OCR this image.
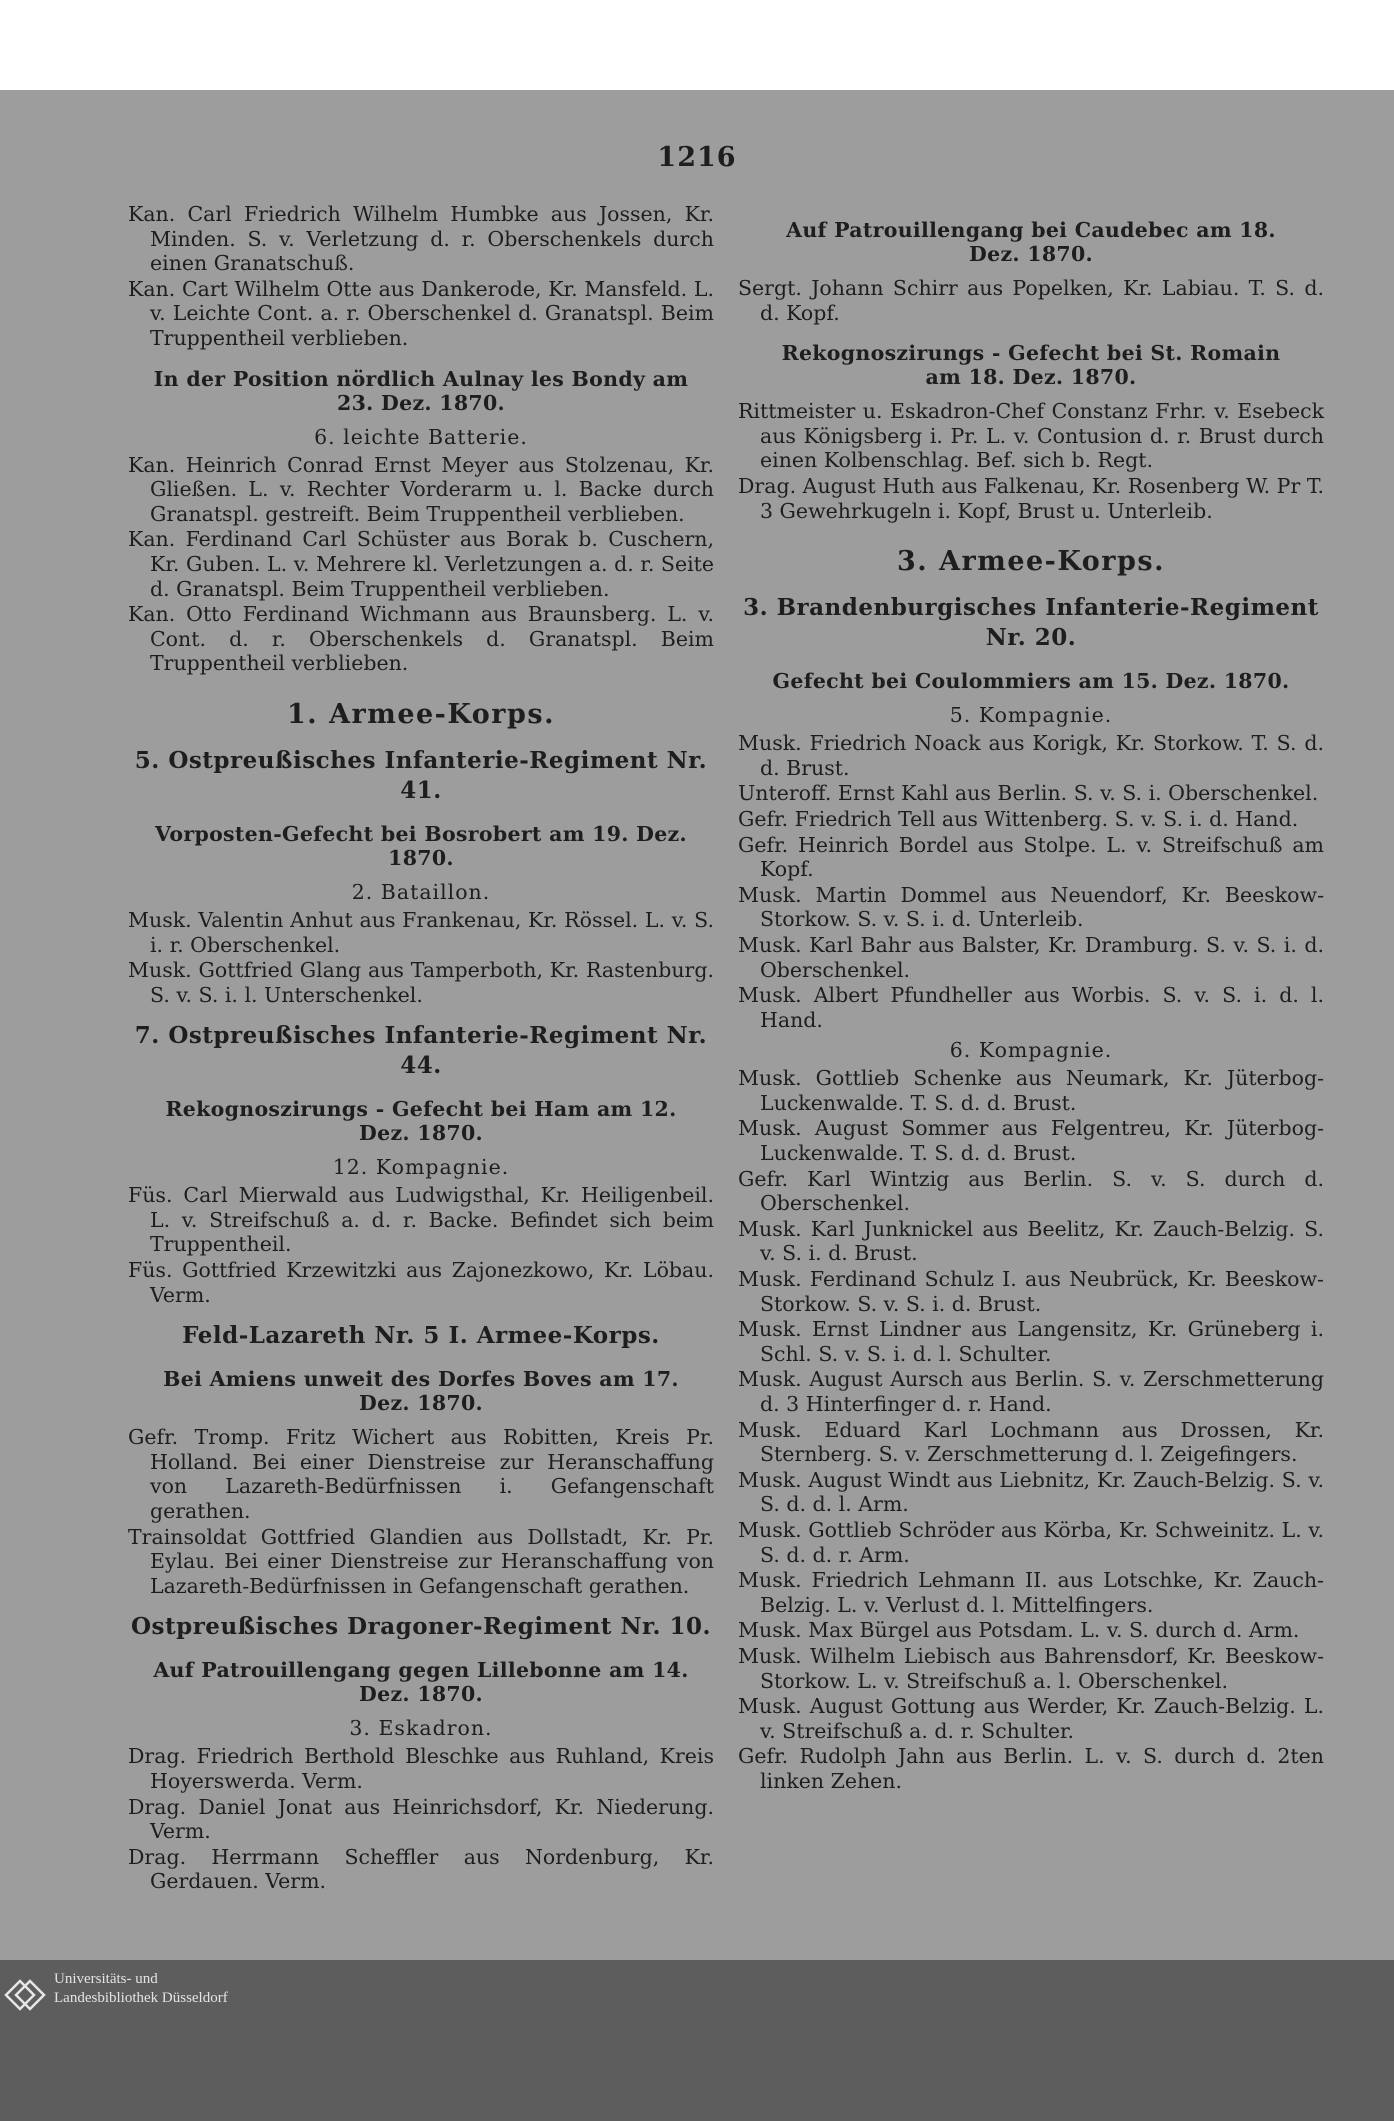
1216
Kan. Carl Friedrich Wilhelm Humbke aus Jossen, Kr. Minden. S. v. Verletzung d. r. Oberschenkels durch einen Granatschuß.
Kan. Cart Wilhelm Otte aus Dankerode, Kr. Mansfeld. L. v. Leichte Cont. a. r. Oberschenkel d. Granatspl. Beim Truppentheil verblieben.
In der Position nördlich Aulnay les Bondy am 23. Dez. 1870.
6. leichte Batterie.
Kan. Heinrich Conrad Ernst Meyer aus Stolzenau, Kr. Gließen. L. v. Rechter Vorderarm u. l. Backe durch Granatspl. gestreift. Beim Truppentheil verblieben.
Kan. Ferdinand Carl Schüster aus Borak b. Cuschern, Kr. Guben. L. v. Mehrere kl. Verletzungen a. d. r. Seite d. Granatspl. Beim Truppentheil verblieben.
Kan. Otto Ferdinand Wichmann aus Braunsberg. L. v. Cont. d. r. Oberschenkels d. Granatspl. Beim Truppentheil verblieben.
1. Armee-Korps.
5. Ostpreußisches Infanterie-Regiment Nr. 41.
Vorposten-Gefecht bei Bosrobert am 19. Dez. 1870.
2. Bataillon.
Musk. Valentin Anhut aus Frankenau, Kr. Rössel. L. v. S. i. r. Oberschenkel.
Musk. Gottfried Glang aus Tamperboth, Kr. Rastenburg. S. v. S. i. l. Unterschenkel.
7. Ostpreußisches Infanterie-Regiment Nr. 44.
Rekognoszirungs - Gefecht bei Ham am 12. Dez. 1870.
12. Kompagnie.
Füs. Carl Mierwald aus Ludwigsthal, Kr. Heiligenbeil. L. v. Streifschuß a. d. r. Backe. Befindet sich beim Truppentheil.
Füs. Gottfried Krzewitzki aus Zajonezkowo, Kr. Löbau. Verm.
Feld-Lazareth Nr. 5 I. Armee-Korps.
Bei Amiens unweit des Dorfes Boves am 17. Dez. 1870.
Gefr. Tromp. Fritz Wichert aus Robitten, Kreis Pr. Holland. Bei einer Dienstreise zur Heranschaffung von Lazareth-Bedürfnissen i. Gefangenschaft gerathen.
Trainsoldat Gottfried Glandien aus Dollstadt, Kr. Pr. Eylau. Bei einer Dienstreise zur Heranschaffung von Lazareth-Bedürfnissen in Gefangenschaft gerathen.
Ostpreußisches Dragoner-Regiment Nr. 10.
Auf Patrouillengang gegen Lillebonne am 14. Dez. 1870.
3. Eskadron.
Drag. Friedrich Berthold Bleschke aus Ruhland, Kreis Hoyerswerda. Verm.
Drag. Daniel Jonat aus Heinrichsdorf, Kr. Niederung. Verm.
Drag. Herrmann Scheffler aus Nordenburg, Kr. Gerdauen. Verm.
Auf Patrouillengang bei Caudebec am 18. Dez. 1870.
Sergt. Johann Schirr aus Popelken, Kr. Labiau. T. S. d. d. Kopf.
Rekognoszirungs - Gefecht bei St. Romain am 18. Dez. 1870.
Rittmeister u. Eskadron-Chef Constanz Frhr. v. Esebeck aus Königsberg i. Pr. L. v. Contusion d. r. Brust durch einen Kolbenschlag. Bef. sich b. Regt.
Drag. August Huth aus Falkenau, Kr. Rosenberg W. Pr T. 3 Gewehrkugeln i. Kopf, Brust u. Unterleib.
3. Armee-Korps.
3. Brandenburgisches Infanterie-Regiment Nr. 20.
Gefecht bei Coulommiers am 15. Dez. 1870.
5. Kompagnie.
Musk. Friedrich Noack aus Korigk, Kr. Storkow. T. S. d. d. Brust.
Unteroff. Ernst Kahl aus Berlin. S. v. S. i. Oberschenkel.
Gefr. Friedrich Tell aus Wittenberg. S. v. S. i. d. Hand.
Gefr. Heinrich Bordel aus Stolpe. L. v. Streifschuß am Kopf.
Musk. Martin Dommel aus Neuendorf, Kr. Beeskow-Storkow. S. v. S. i. d. Unterleib.
Musk. Karl Bahr aus Balster, Kr. Dramburg. S. v. S. i. d. Oberschenkel.
Musk. Albert Pfundheller aus Worbis. S. v. S. i. d. l. Hand.
6. Kompagnie.
Musk. Gottlieb Schenke aus Neumark, Kr. Jüterbog-Luckenwalde. T. S. d. d. Brust.
Musk. August Sommer aus Felgentreu, Kr. Jüterbog-Luckenwalde. T. S. d. d. Brust.
Gefr. Karl Wintzig aus Berlin. S. v. S. durch d. Oberschenkel.
Musk. Karl Junknickel aus Beelitz, Kr. Zauch-Belzig. S. v. S. i. d. Brust.
Musk. Ferdinand Schulz I. aus Neubrück, Kr. Beeskow-Storkow. S. v. S. i. d. Brust.
Musk. Ernst Lindner aus Langensitz, Kr. Grüneberg i. Schl. S. v. S. i. d. l. Schulter.
Musk. August Aursch aus Berlin. S. v. Zerschmetterung d. 3 Hinterfinger d. r. Hand.
Musk. Eduard Karl Lochmann aus Drossen, Kr. Sternberg. S. v. Zerschmetterung d. l. Zeigefingers.
Musk. August Windt aus Liebnitz, Kr. Zauch-Belzig. S. v. S. d. d. l. Arm.
Musk. Gottlieb Schröder aus Körba, Kr. Schweinitz. L. v. S. d. d. r. Arm.
Musk. Friedrich Lehmann II. aus Lotschke, Kr. Zauch-Belzig. L. v. Verlust d. l. Mittelfingers.
Musk. Max Bürgel aus Potsdam. L. v. S. durch d. Arm.
Musk. Wilhelm Liebisch aus Bahrensdorf, Kr. Beeskow-Storkow. L. v. Streifschuß a. l. Oberschenkel.
Musk. August Gottung aus Werder, Kr. Zauch-Belzig. L. v. Streifschuß a. d. r. Schulter.
Gefr. Rudolph Jahn aus Berlin. L. v. S. durch d. 2ten linken Zehen.
Universitäts- und
Landesbibliothek Düsseldorf
